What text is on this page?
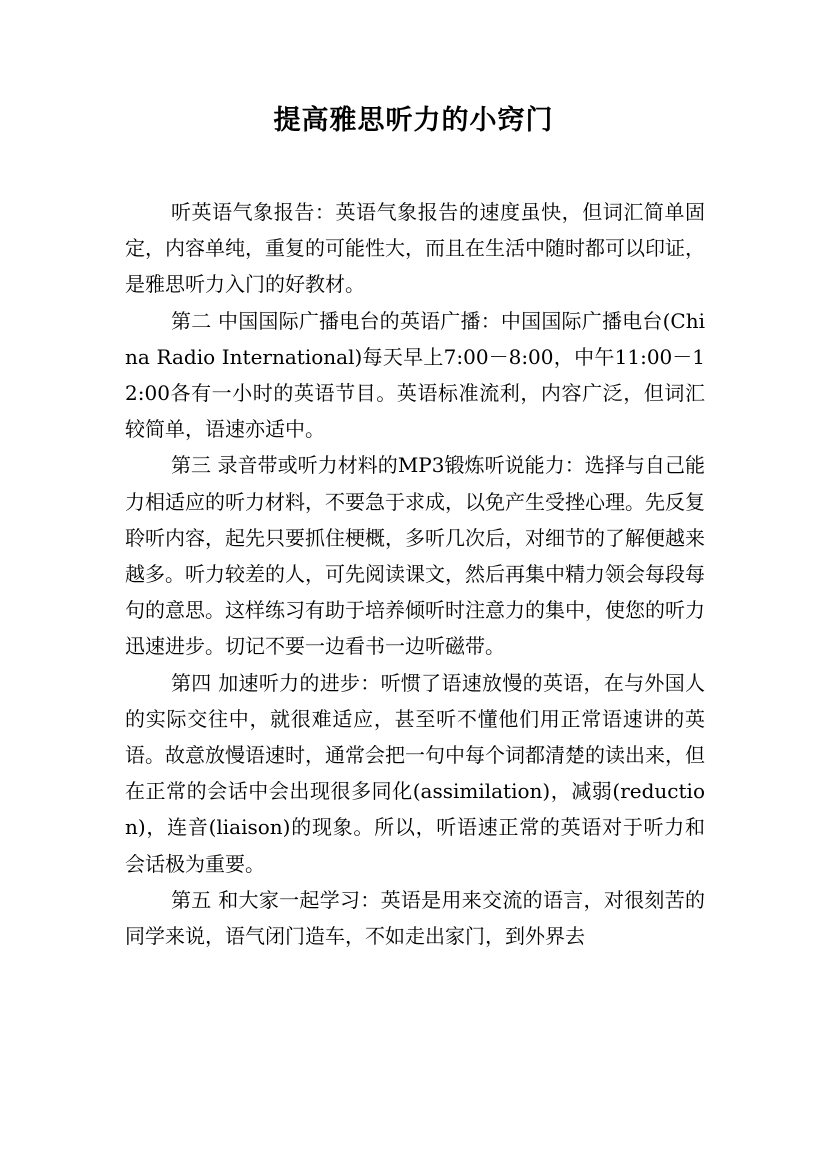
提高雅思听力的小窍门

听英语气象报告：英语气象报告的速度虽快，但词汇简单固定，内容单纯，重复的可能性大，而且在生活中随时都可以印证，是雅思听力入门的好教材。

第二 中国国际广播电台的英语广播：中国国际广播电台(China Radio International)每天早上7:00－8:00，中午11:00－12:00各有一小时的英语节目。英语标准流利，内容广泛，但词汇较简单，语速亦适中。

第三 录音带或听力材料的MP3锻炼听说能力：选择与自己能力相适应的听力材料，不要急于求成，以免产生受挫心理。先反复聆听内容，起先只要抓住梗概，多听几次后，对细节的了解便越来越多。听力较差的人，可先阅读课文，然后再集中精力领会每段每句的意思。这样练习有助于培养倾听时注意力的集中，使您的听力迅速进步。切记不要一边看书一边听磁带。

第四 加速听力的进步：听惯了语速放慢的英语，在与外国人的实际交往中，就很难适应，甚至听不懂他们用正常语速讲的英语。故意放慢语速时，通常会把一句中每个词都清楚的读出来，但在正常的会话中会出现很多同化(assimilation)，减弱(reduction)，连音(liaison)的现象。所以，听语速正常的英语对于听力和会话极为重要。

第五 和大家一起学习：英语是用来交流的语言，对很刻苦的同学来说，语气闭门造车，不如走出家门，到外界去
